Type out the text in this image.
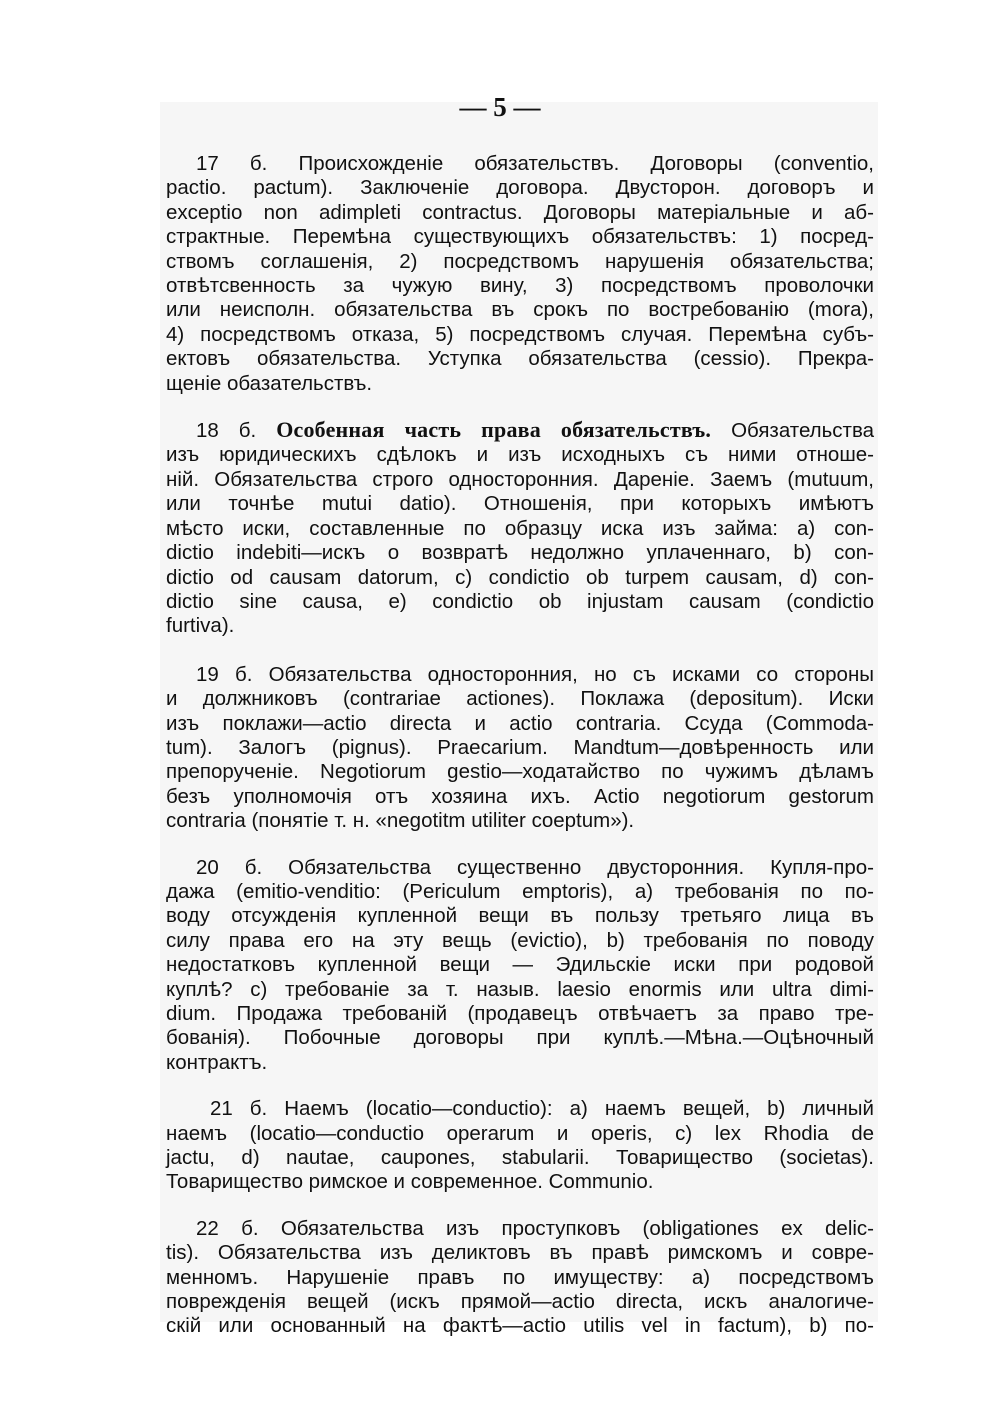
— 5 —
17 б. Происхожденіе обязательствъ. Договоры (conventio,
pactio. pactum). Заключеніе договора. Двусторон. договоръ и
exceptio non adimpleti contractus. Договоры матеріальные и аб-
страктные. Перемѣна существующихъ обязательствъ: 1) посред-
ствомъ соглашенія, 2) посредствомъ нарушенія обязательства;
отвѣтсвенность за чужую вину, 3) посредствомъ проволочки
или неисполн. обязательства въ срокъ по востребованію (mora),
4) посредствомъ отказа, 5) посредствомъ случая. Перемѣна субъ-
ектовъ обязательства. Уступка обязательства (cessio). Прекра-
щеніе обазательствъ.
18 б. Особенная часть права обязательствъ. Обязательства
изъ юридическихъ сдѣлокъ и изъ исходныхъ съ ними отноше-
ній. Обязательства строго односторонния. Дареніе. Заемъ (mutuum,
или точнѣе mutui datio). Отношенія, при которыхъ имѣютъ
мѣсто иски, составленные по образцу иска изъ займа: a) con-
dictio indebiti—искъ о возвратѣ недолжно уплаченнаго, b) con-
dictio od causam datorum, c) condictio ob turpem causam, d) con-
dictio sine causa, e) condictio ob injustam causam (condictio
furtiva).
19 б. Обязательства односторонния, но съ исками со стороны
и должниковъ (contrariae actiones). Поклажа (depositum). Иски
изъ поклажи—actio directa и actio contraria. Ссуда (Commoda-
tum). Залогъ (pignus). Praecarium. Mandtum—довѣренность или
препорученіе. Negotiorum gestio—ходатайство по чужимъ дѣламъ
безъ уполномочія отъ хозяина ихъ. Actio negotiorum gestorum
contraria (понятіе т. н. «negotitm utiliter coeptum»).
20 б. Обязательства существенно двусторонния. Купля-про-
дажа (emitio-venditio: (Periculum emptoris), a) требованія по по-
воду отсужденія купленной вещи въ пользу третьяго лица въ
силу права его на эту вещь (evictio), b) требованія по поводу
недостатковъ купленной вещи — Эдильскіе иски при родовой
куплѣ? c) требованіе за т. назыв. laesio enormis или ultra dimi-
dium. Продажа требованій (продавецъ отвѣчаетъ за право тре-
бованія). Побочные договоры при куплѣ.—Мѣна.—Оцѣночный
контрактъ.
21 б. Наемъ (locatio—conductio): a) наемъ вещей, b) личный
наемъ (locatio—conductio operarum и operis, c) lex Rhodia de
jactu, d) nautae, caupones, stabularii. Товарищество (societas).
Товарищество римское и современное. Communio.
22 б. Обязательства изъ проступковъ (obligationes ex delic-
tis). Обязательства изъ деликтовъ въ правѣ римскомъ и совре-
менномъ. Нарушеніе правъ по имуществу: a) посредствомъ
поврежденія вещей (искъ прямой—actio directa, искъ аналогиче-
скій или основанный на фактѣ—actio utilis vel in factum), b) по-
